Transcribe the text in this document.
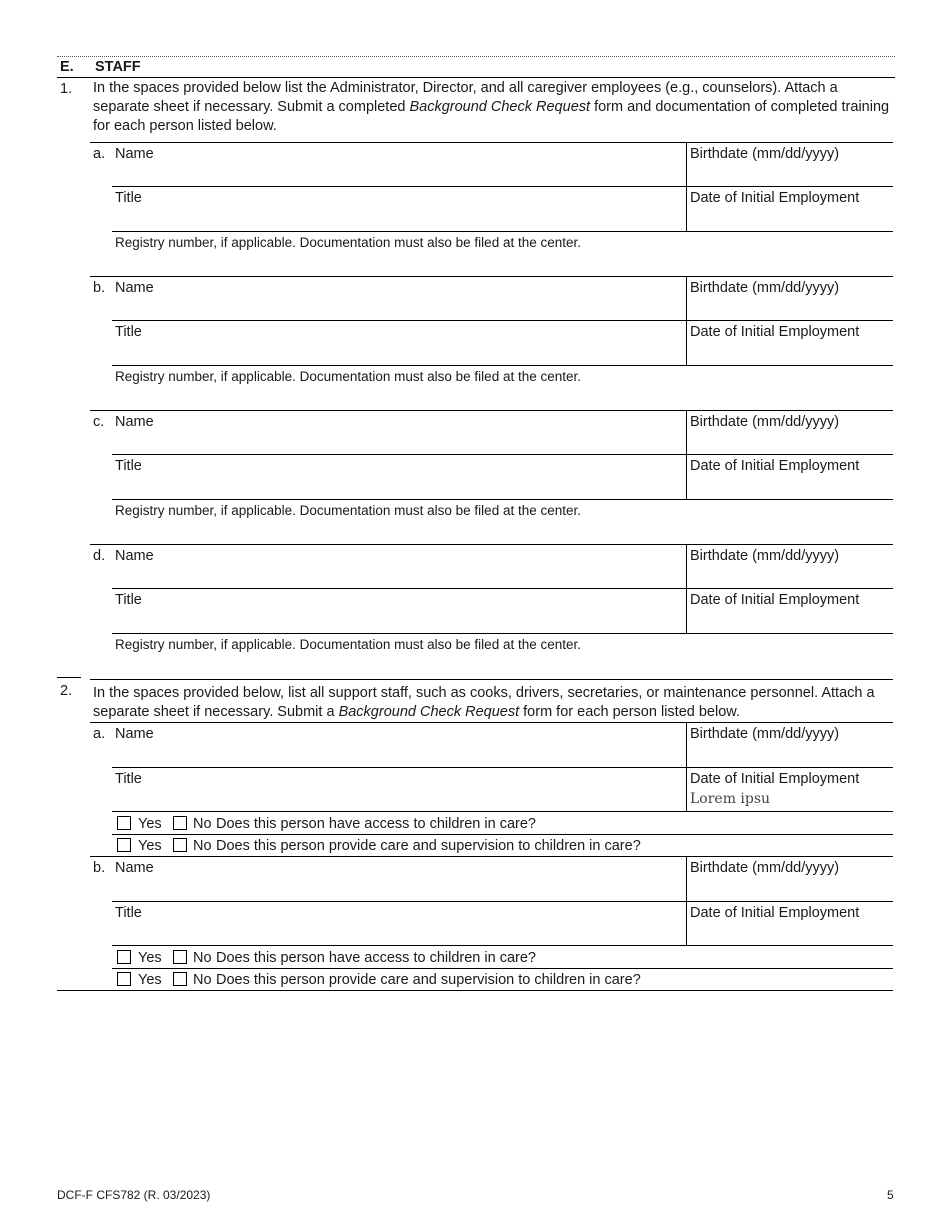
E. STAFF
1. In the spaces provided below list the Administrator, Director, and all caregiver employees (e.g., counselors). Attach a separate sheet if necessary. Submit a completed Background Check Request form and documentation of completed training for each person listed below.
a. Name	Birthdate (mm/dd/yyyy)
Title	Date of Initial Employment
Registry number, if applicable. Documentation must also be filed at the center.
b. Name	Birthdate (mm/dd/yyyy)
Title	Date of Initial Employment
Registry number, if applicable. Documentation must also be filed at the center.
c. Name	Birthdate (mm/dd/yyyy)
Title	Date of Initial Employment
Registry number, if applicable. Documentation must also be filed at the center.
d. Name	Birthdate (mm/dd/yyyy)
Title	Date of Initial Employment
Registry number, if applicable. Documentation must also be filed at the center.
2. In the spaces provided below, list all support staff, such as cooks, drivers, secretaries, or maintenance personnel. Attach a separate sheet if necessary. Submit a Background Check Request form for each person listed below.
a. Name	Birthdate (mm/dd/yyyy)
Title	Date of Initial Employment
Lorem ipsu
Yes No Does this person have access to children in care?
Yes No Does this person provide care and supervision to children in care?
b. Name	Birthdate (mm/dd/yyyy)
Title	Date of Initial Employment
Yes No Does this person have access to children in care?
Yes No Does this person provide care and supervision to children in care?
DCF-F CFS782 (R. 03/2023)	5
